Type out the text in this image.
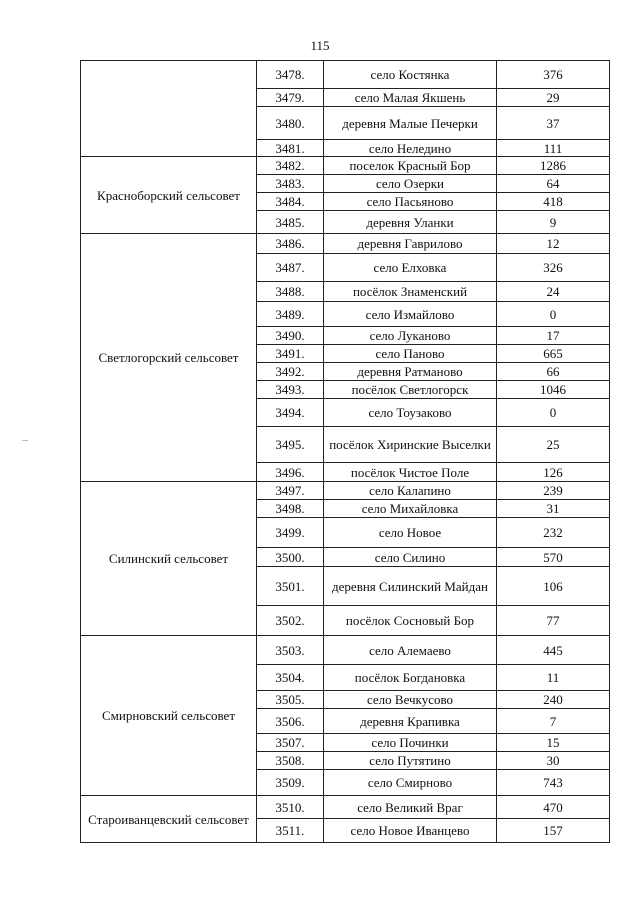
115
	3478.	село Костянка	376
	3479.	село Малая Якшень	29
	3480.	деревня Малые Печерки	37
	3481.	село Неледино	111
Красноборский сельсовет	3482.	поселок Красный Бор	1286
	3483.	село Озерки	64
	3484.	село Пасьяново	418
	3485.	деревня Уланки	9
Светлогорский сельсовет	3486.	деревня Гаврилово	12
	3487.	село Елховка	326
	3488.	посёлок Знаменский	24
	3489.	село Измайлово	0
	3490.	село Луканово	17
	3491.	село Паново	665
	3492.	деревня Ратманово	66
	3493.	посёлок Светлогорск	1046
	3494.	село Тоузаково	0
	3495.	посёлок Хиринские Выселки	25
	3496.	посёлок Чистое Поле	126
Силинский сельсовет	3497.	село Калапино	239
	3498.	село Михайловка	31
	3499.	село Новое	232
	3500.	село Силино	570
	3501.	деревня Силинский Майдан	106
	3502.	посёлок Сосновый Бор	77
Смирновский сельсовет	3503.	село Алемаево	445
	3504.	посёлок Богдановка	11
	3505.	село Вечкусово	240
	3506.	деревня Крапивка	7
	3507.	село Починки	15
	3508.	село Путятино	30
	3509.	село Смирново	743
Староиванцевский сельсовет	3510.	село Великий Враг	470
	3511.	село Новое Иванцево	157
